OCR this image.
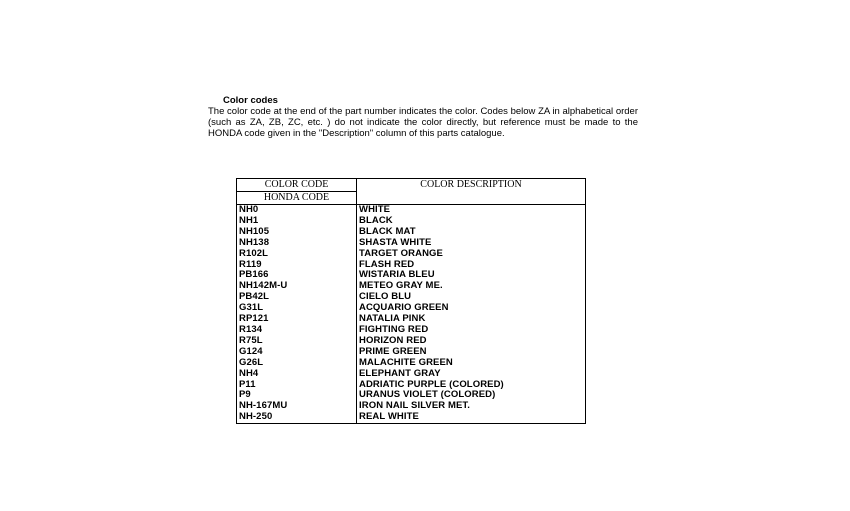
Color codes
The color code at the end of the part number indicates the color. Codes below ZA in alphabetical order (such as ZA, ZB, ZC, etc. ) do not indicate the color directly, but reference must be made to the HONDA code given in the "Description" column of this parts catalogue.
COLOR CODE	COLOR DESCRIPTION
HONDA CODE	
NH0	WHITE
NH1	BLACK
NH105	BLACK MAT
NH138	SHASTA WHITE
R102L	TARGET ORANGE
R119	FLASH RED
PB166	WISTARIA BLEU
NH142M-U	METEO GRAY ME.
PB42L	CIELO BLU
G31L	ACQUARIO GREEN
RP121	NATALIA PINK
R134	FIGHTING RED
R75L	HORIZON RED
G124	PRIME GREEN
G26L	MALACHITE GREEN
NH4	ELEPHANT GRAY
P11	ADRIATIC PURPLE (COLORED)
P9	URANUS VIOLET (COLORED)
NH-167MU	IRON NAIL SILVER MET.
NH-250	REAL WHITE
